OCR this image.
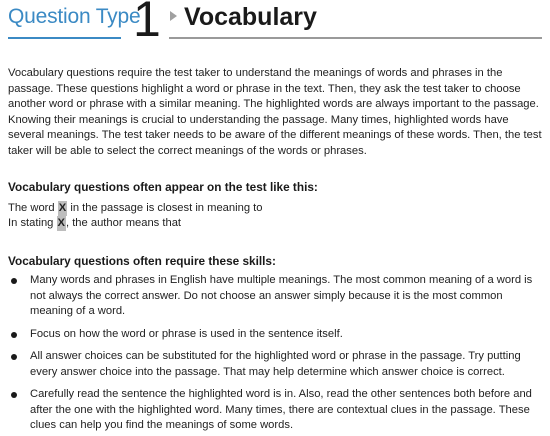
Question Type
1 Vocabulary

Vocabulary questions require the test taker to understand the meanings of words and phrases in the passage. These questions highlight a word or phrase in the text. Then, they ask the test taker to choose another word or phrase with a similar meaning. The highlighted words are always important to the passage. Knowing their meanings is crucial to understanding the passage. Many times, highlighted words have several meanings. The test taker needs to be aware of the different meanings of these words. Then, the test taker will be able to select the correct meanings of the words or phrases.

Vocabulary questions often appear on the test like this:
The word X in the passage is closest in meaning to
In stating X, the author means that
Vocabulary questions often require these skills:
Many words and phrases in English have multiple meanings. The most common meaning of a word is not always the correct answer. Do not choose an answer simply because it is the most common meaning of a word.
Focus on how the word or phrase is used in the sentence itself.
All answer choices can be substituted for the highlighted word or phrase in the passage. Try putting every answer choice into the passage. That may help determine which answer choice is correct.
Carefully read the sentence the highlighted word is in. Also, read the other sentences both before and after the one with the highlighted word. Many times, there are contextual clues in the passage. These clues can help you find the meanings of some words.
